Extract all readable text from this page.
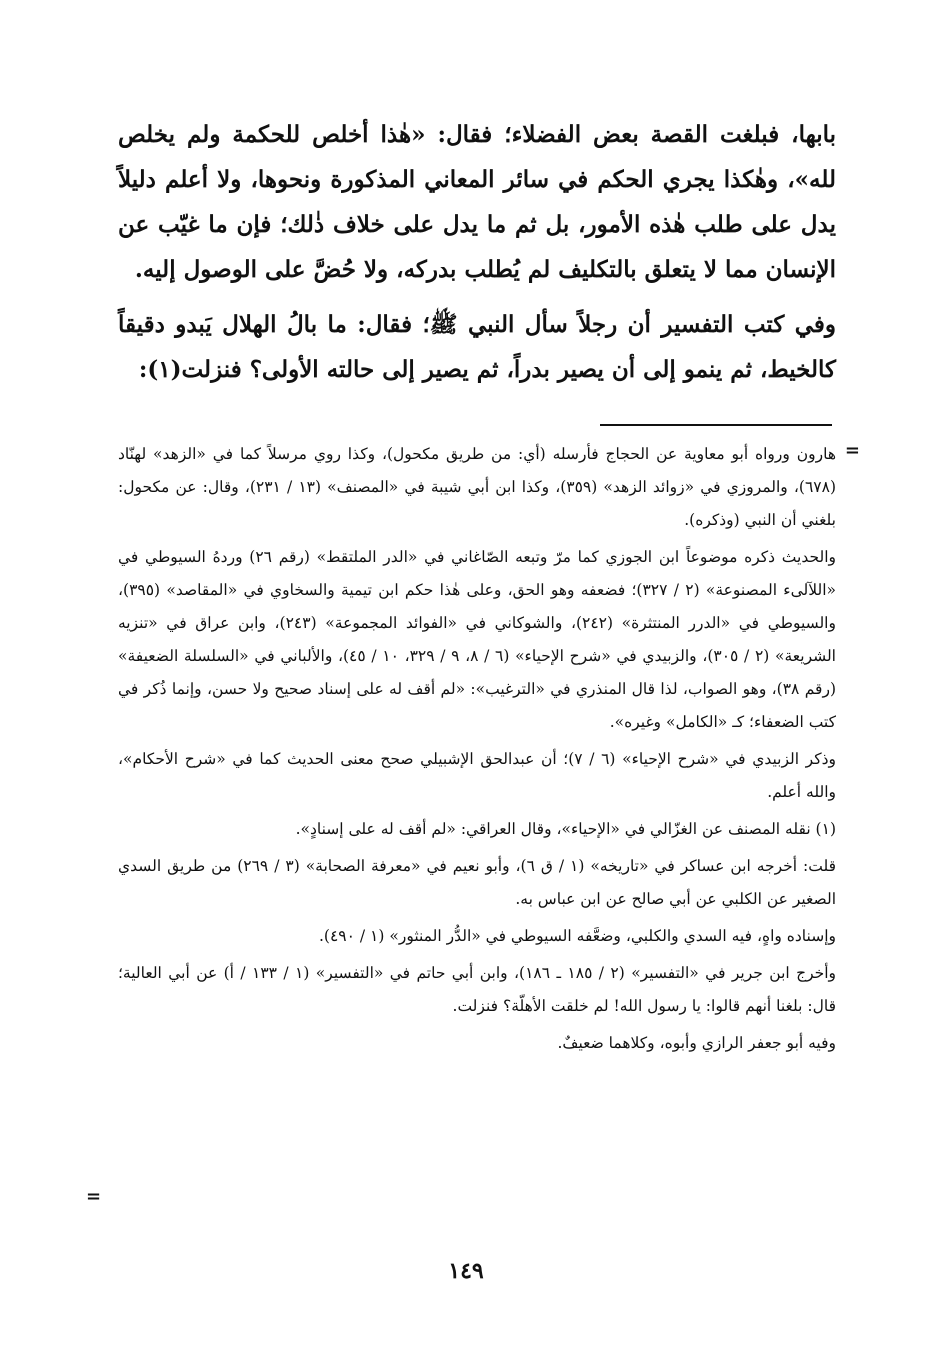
بابها، فبلغت القصة بعض الفضلاء؛ فقال: «هٰذا أخلص للحكمة ولم يخلص لله»، وهٰكذا يجري الحكم في سائر المعاني المذكورة ونحوها، ولا أعلم دليلاً يدل على طلب هٰذه الأمور، بل ثم ما يدل على خلاف ذٰلك؛ فإن ما غيّب عن الإنسان مما لا يتعلق بالتكليف لم يُطلب بدركه، ولا حُضَّ على الوصول إليه.

وفي كتب التفسير أن رجلاً سأل النبي ﷺ؛ فقال: ما بالُ الهلال يَبدو دقيقاً كالخيط، ثم ينمو إلى أن يصير بدراً، ثم يصير إلى حالته الأولى؟ فنزلت(١):

=

هارون ورواه أبو معاوية عن الحجاج فأرسله (أي: من طريق مكحول)، وكذا روي مرسلاً كما في «الزهد» لهنّاد (٦٧٨)، والمروزي في «زوائد الزهد» (٣٥٩)، وكذا ابن أبي شيبة في «المصنف» (١٣ / ٢٣١)، وقال: عن مكحول: بلغني أن النبي (وذكره).

والحديث ذكره موضوعاً ابن الجوزي كما مرّ وتبعه الصّاغاني في «الدر الملتقط» (رقم ٢٦) وردهُ السيوطي في «اللآلىء المصنوعة» (٢ / ٣٢٧)؛ فضعفه وهو الحق، وعلى هٰذا حكم ابن تيمية والسخاوي في «المقاصد» (٣٩٥)، والسيوطي في «الدرر المنتثرة» (٢٤٢)، والشوكاني في «الفوائد المجموعة» (٢٤٣)، وابن عراق في «تنزيه الشريعة» (٢ / ٣٠٥)، والزبيدي في «شرح الإحياء» (٦ / ٨، ٩ / ٣٢٩، ١٠ / ٤٥)، والألباني في «السلسلة الضعيفة» (رقم ٣٨)، وهو الصواب، لذا قال المنذري في «الترغيب»: «لم أقف له على إسناد صحيح ولا حسن، وإنما ذُكر في كتب الضعفاء؛ كـ «الكامل» وغيره».

وذكر الزبيدي في «شرح الإحياء» (٦ / ٧)؛ أن عبدالحق الإشبيلي صحح معنى الحديث كما في «شرح الأحكام»، والله أعلم.

(١) نقله المصنف عن الغزّالي في «الإحياء»، وقال العراقي: «لم أقف له على إسنادٍ».

قلت: أخرجه ابن عساكر في «تاريخه» (١ / ق ٦)، وأبو نعيم في «معرفة الصحابة» (٣ / ٢٦٩) من طريق السدي الصغير عن الكلبي عن أبي صالح عن ابن عباس به.

وإسناده واهٍ، فيه السدي والكلبي، وضعَّفه السيوطي في «الدُّر المنثور» (١ / ٤٩٠).

وأخرج ابن جرير في «التفسير» (٢ / ١٨٥ ـ ١٨٦)، وابن أبي حاتم في «التفسير» (١ / ١٣٣ / أ) عن أبي العالية؛ قال: بلغنا أنهم قالوا: يا رسول الله! لم خلقت الأهلّة؟ فنزلت.

وفيه أبو جعفر الرازي وأبوه، وكلاهما ضعيفٌ.

=
١٤٩
